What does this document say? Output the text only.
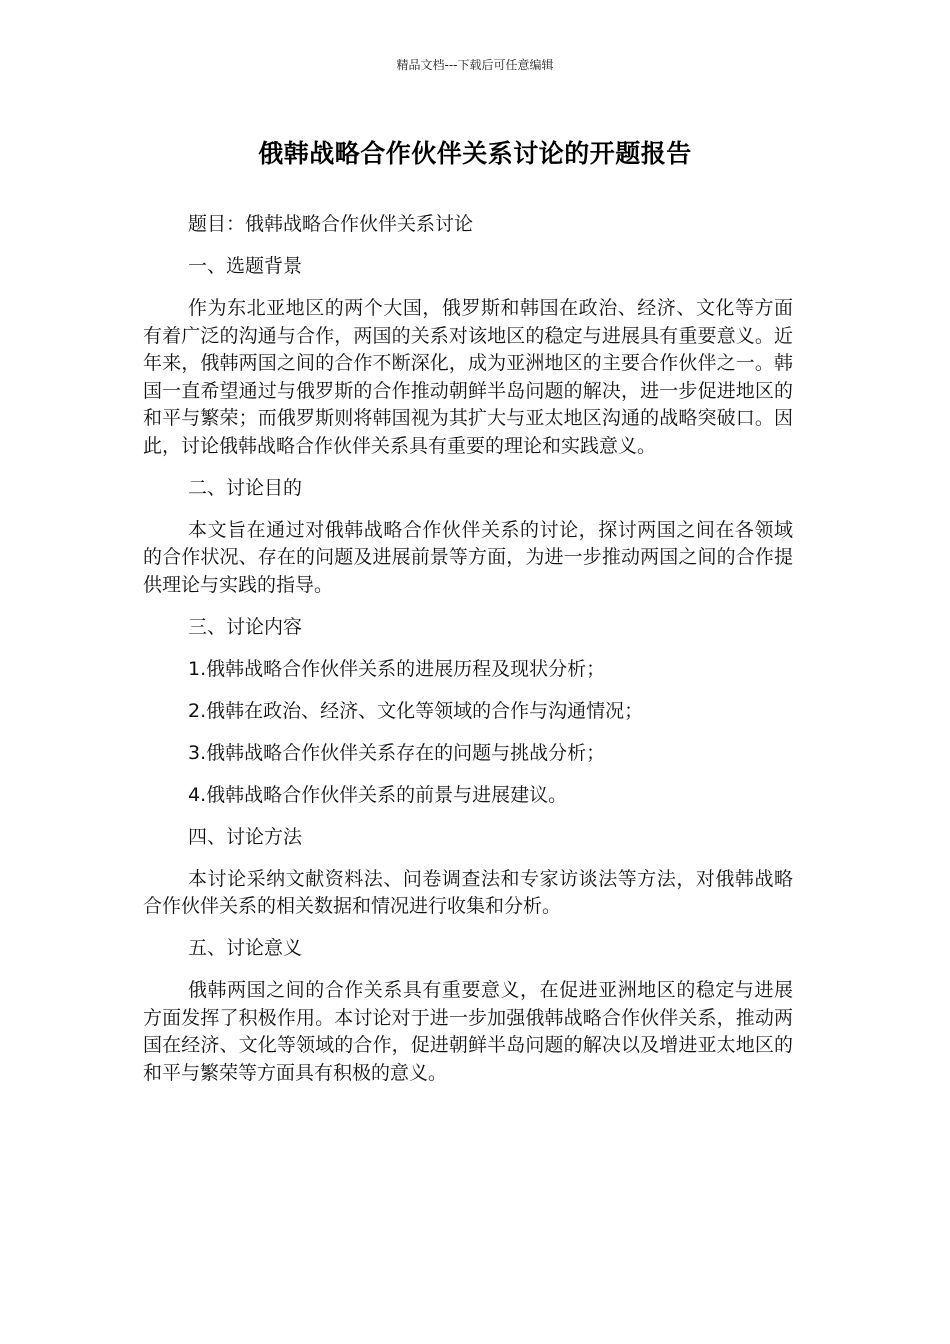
精品文档---下载后可任意编辑
俄韩战略合作伙伴关系讨论的开题报告

题目：俄韩战略合作伙伴关系讨论

一、选题背景

作为东北亚地区的两个大国，俄罗斯和韩国在政治、经济、文化等方面有着广泛的沟通与合作，两国的关系对该地区的稳定与进展具有重要意义。近年来，俄韩两国之间的合作不断深化，成为亚洲地区的主要合作伙伴之一。韩国一直希望通过与俄罗斯的合作推动朝鲜半岛问题的解决，进一步促进地区的和平与繁荣；而俄罗斯则将韩国视为其扩大与亚太地区沟通的战略突破口。因此，讨论俄韩战略合作伙伴关系具有重要的理论和实践意义。

二、讨论目的

本文旨在通过对俄韩战略合作伙伴关系的讨论，探讨两国之间在各领域的合作状况、存在的问题及进展前景等方面，为进一步推动两国之间的合作提供理论与实践的指导。

三、讨论内容

1.俄韩战略合作伙伴关系的进展历程及现状分析；

2.俄韩在政治、经济、文化等领域的合作与沟通情况；

3.俄韩战略合作伙伴关系存在的问题与挑战分析；

4.俄韩战略合作伙伴关系的前景与进展建议。

四、讨论方法

本讨论采纳文献资料法、问卷调查法和专家访谈法等方法，对俄韩战略合作伙伴关系的相关数据和情况进行收集和分析。

五、讨论意义

俄韩两国之间的合作关系具有重要意义，在促进亚洲地区的稳定与进展方面发挥了积极作用。本讨论对于进一步加强俄韩战略合作伙伴关系，推动两国在经济、文化等领域的合作，促进朝鲜半岛问题的解决以及增进亚太地区的和平与繁荣等方面具有积极的意义。
